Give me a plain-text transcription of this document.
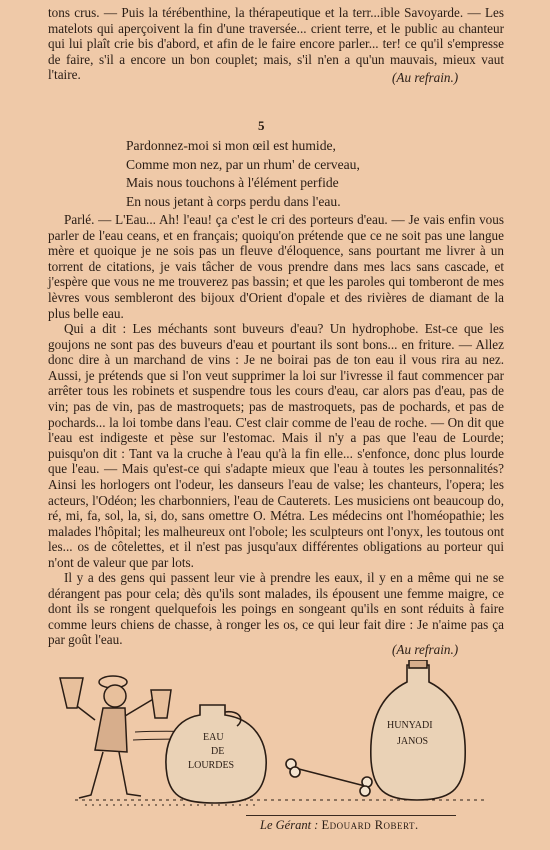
tons crus. — Puis la térébenthine, la thérapeutique et la terr...ible Savoyarde. — Les matelots qui aperçoivent la fin d'une traversée... crient terre, et le public au chanteur qui lui plaît crie bis d'abord, et afin de le faire encore parler... ter! ce qu'il s'empresse de faire, s'il a encore un bon couplet; mais, s'il n'en a qu'un mauvais, mieux vaut l'taire.	(Au refrain.)
5
Pardonnez-moi si mon œil est humide,
Comme mon nez, par un rhum' de cerveau,
Mais nous touchons à l'élément perfide
En nous jetant à corps perdu dans l'eau.

Parlé. — L'Eau... Ah! l'eau! ça c'est le cri des porteurs d'eau. — Je vais enfin vous parler de l'eau ceans, et en français; quoiqu'on prétende que ce ne soit pas une langue mère et quoique je ne sois pas un fleuve d'éloquence, sans pourtant me livrer à un torrent de citations, je vais tâcher de vous prendre dans mes lacs sans cascade, et j'espère que vous ne me trouverez pas bassin; et que les paroles qui tomberont de mes lèvres vous sembleront des bijoux d'Orient d'opale et des rivières de diamant de la plus belle eau.

Qui a dit : Les méchants sont buveurs d'eau? Un hydrophobe. Est-ce que les goujons ne sont pas des buveurs d'eau et pourtant ils sont bons... en friture. — Allez donc dire à un marchand de vins : Je ne boirai pas de ton eau il vous rira au nez. Aussi, je prétends que si l'on veut supprimer la loi sur l'ivresse il faut commencer par arrêter tous les robinets et suspendre tous les cours d'eau, car alors pas d'eau, pas de vin; pas de vin, pas de mastroquets; pas de mastroquets, pas de pochards, et pas de pochards... la loi tombe dans l'eau. C'est clair comme de l'eau de roche. — On dit que l'eau est indigeste et pèse sur l'estomac. Mais il n'y a pas que l'eau de Lourde; puisqu'on dit : Tant va la cruche à l'eau qu'à la fin elle... s'enfonce, donc plus lourde que l'eau. — Mais qu'est-ce qui s'adapte mieux que l'eau à toutes les personnalités? Ainsi les horlogers ont l'odeur, les danseurs l'eau de valse; les chanteurs, l'opera; les acteurs, l'Odéon; les charbonniers, l'eau de Cauterets. Les musiciens ont beaucoup do, ré, mi, fa, sol, la, si, do, sans omettre O. Métra. Les médecins ont l'homéopathie; les malades l'hôpital; les malheureux ont l'obole; les sculpteurs ont l'onyx, les toutous ont les... os de côtelettes, et il n'est pas jusqu'aux différentes obligations au porteur qui n'ont de valeur que par lots.

Il y a des gens qui passent leur vie à prendre les eaux, il y en a même qui ne se dérangent pas pour cela; dès qu'ils sont malades, ils épousent une femme maigre, ce dont ils se rongent quelquefois les poings en songeant qu'ils en sont réduits à faire comme leurs chiens de chasse, à ronger les os, ce qui leur fait dire : Je n'aime pas ça par goût l'eau.

(Au refrain.)
EAU
DE
LOURDES
HUNYADI
JANOS
Le Gérant : Edouard Robert.
